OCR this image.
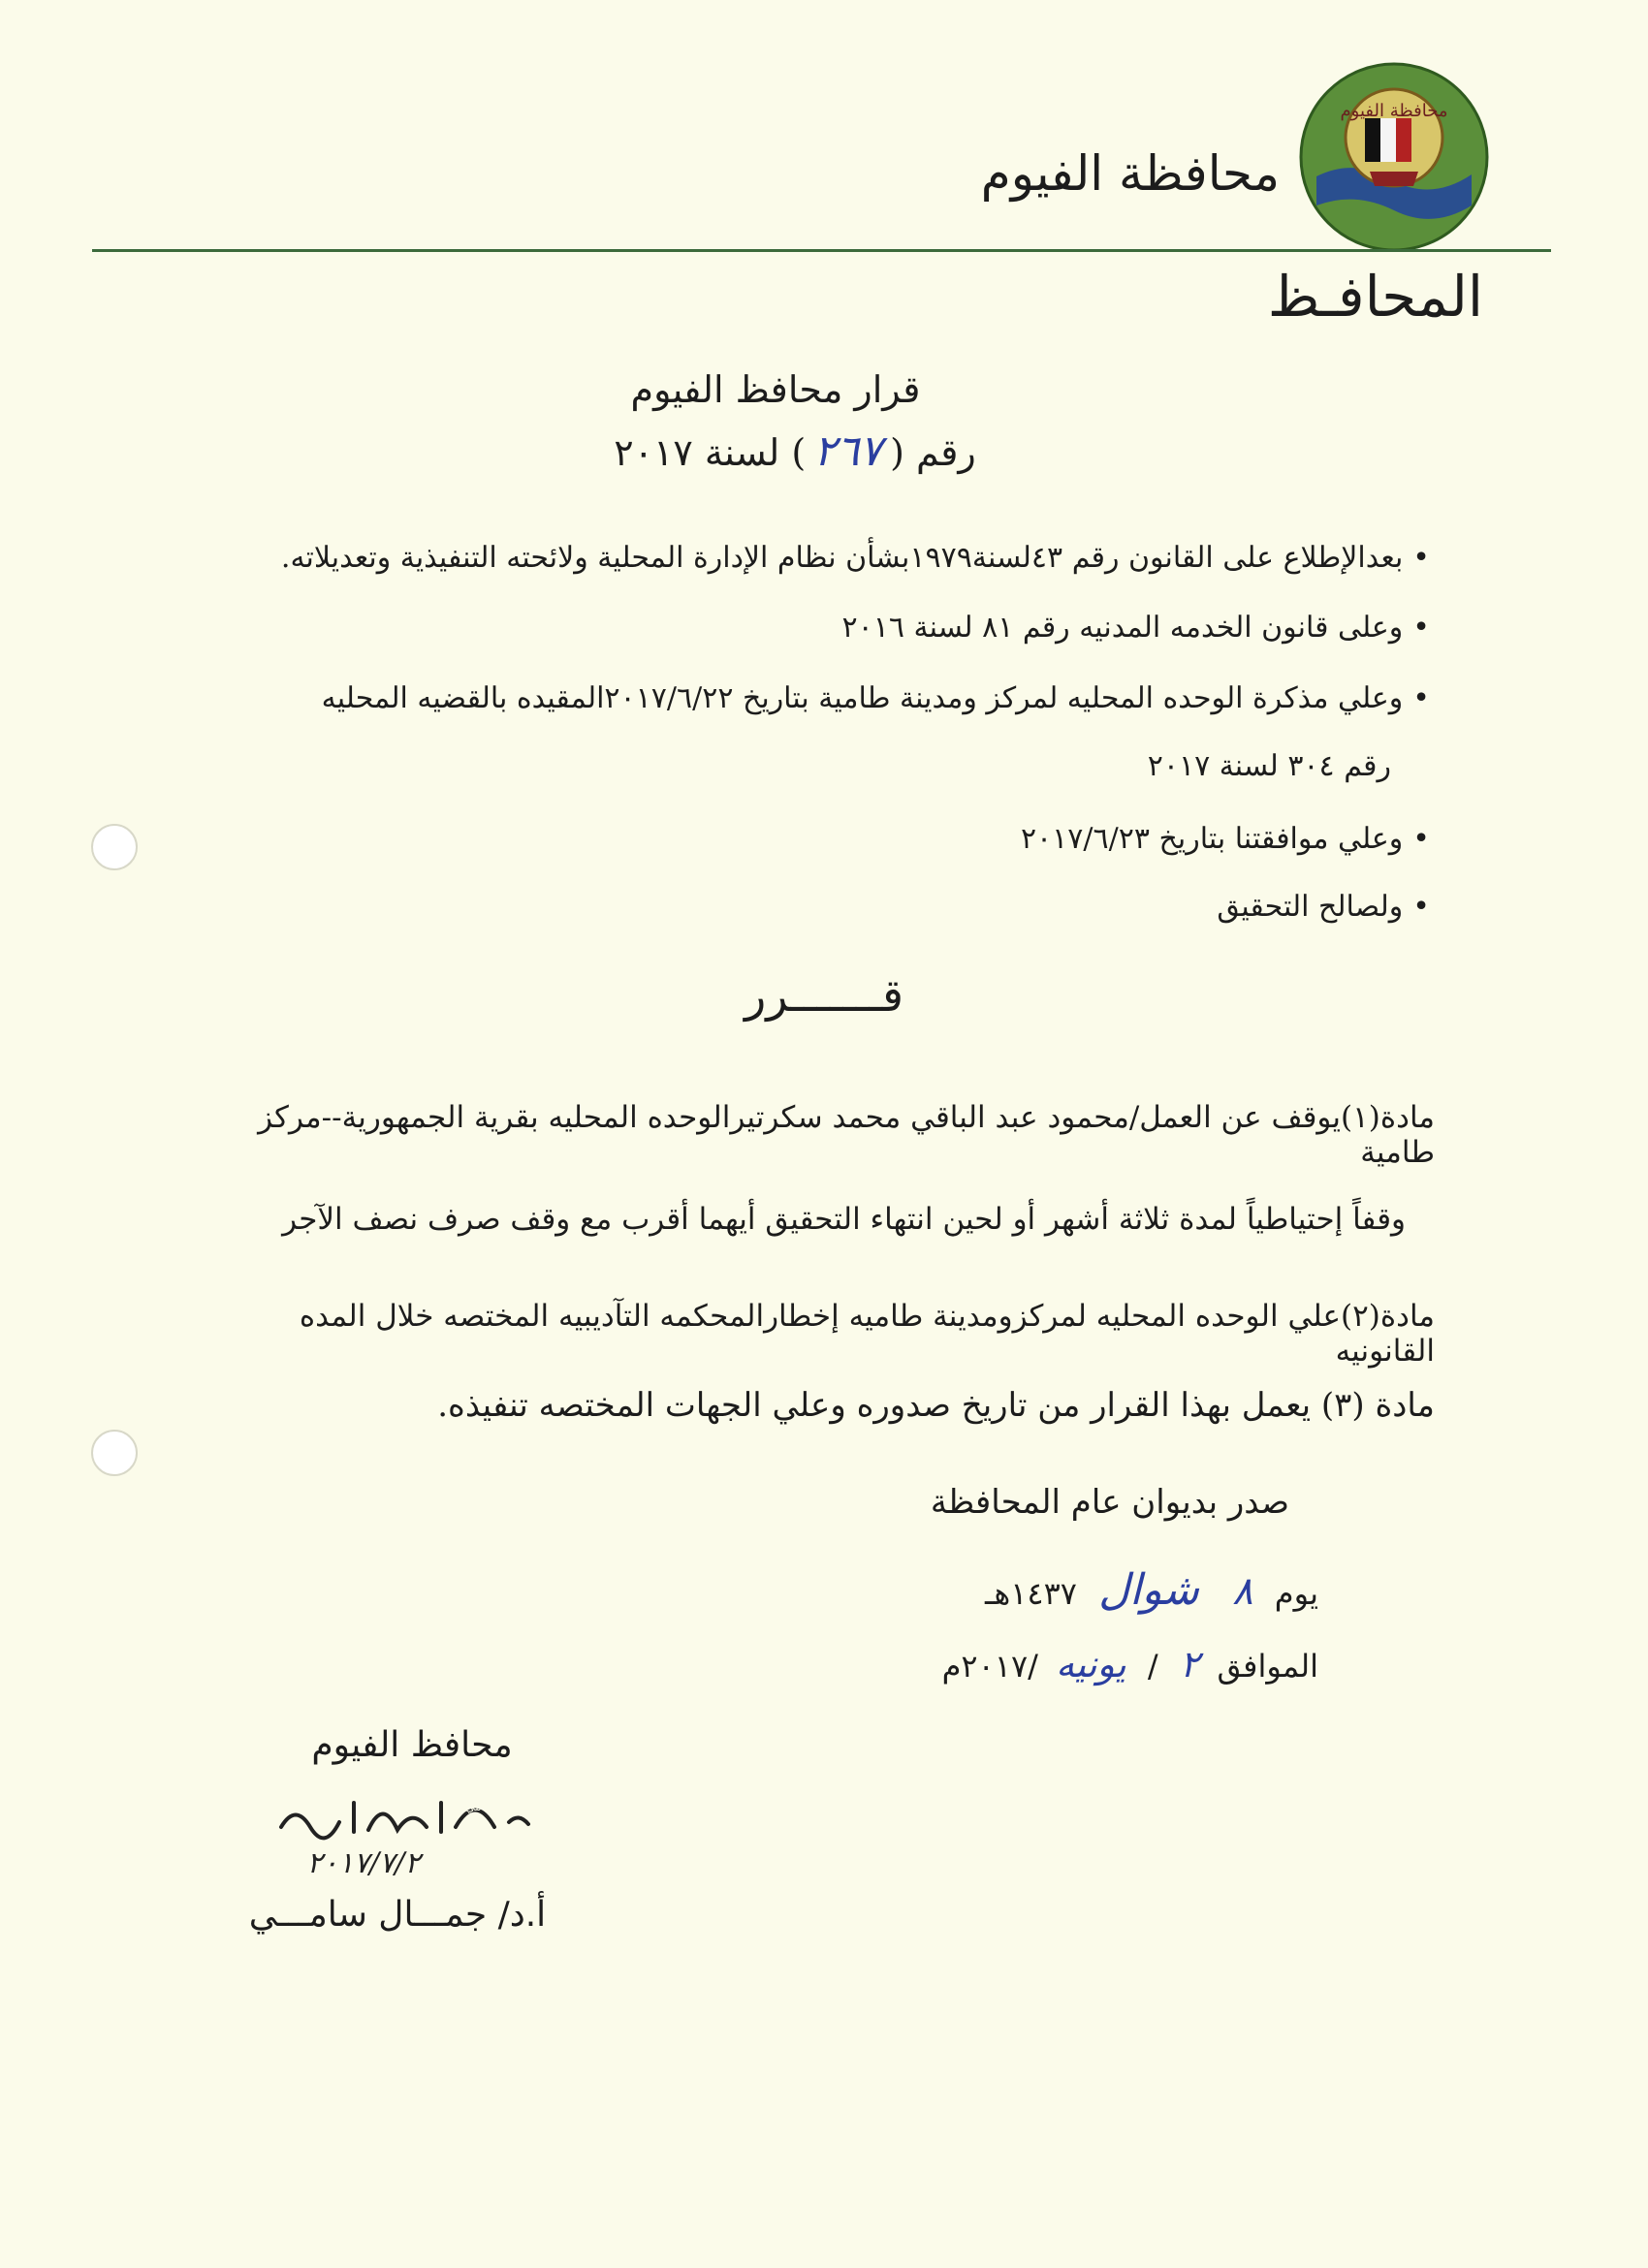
محافظة الفيوم
محافظة الفيوم
المحافـظ
قرار محافظ الفيوم
رقم (٢٦٧) لسنة ٢٠١٧
•بعدالإطلاع على القانون رقم ٤٣لسنة١٩٧٩بشأن نظام الإدارة المحلية ولائحته التنفيذية وتعديلاته.
•وعلى قانون الخدمه المدنيه رقم ٨١ لسنة ٢٠١٦
•وعلي مذكرة الوحده المحليه لمركز ومدينة طامية بتاريخ ٢٠١٧/٦/٢٢المقيده بالقضيه المحليه
رقم ٣٠٤ لسنة ٢٠١٧
•وعلي موافقتنا بتاريخ ٢٠١٧/٦/٢٣
•ولصالح التحقيق
قـــــــرر
مادة(١)يوقف عن العمل/محمود عبد الباقي محمد سكرتيرالوحده المحليه بقرية الجمهورية--مركز طامية
وقفاً إحتياطياً لمدة ثلاثة أشهر أو لحين انتهاء التحقيق أيهما أقرب مع وقف صرف نصف الآجر
مادة(٢)علي الوحده المحليه لمركزومدينة طاميه إخطارالمحكمه التآديبيه المختصه خلال المده القانونيه
مادة (٣) يعمل بهذا القرار من تاريخ صدوره وعلي الجهات المختصه تنفيذه.
صدر بديوان عام المحافظة
يوم ٨ شوال ١٤٣٧هـ
الموافق ٢ / يونيه /٢٠١٧م
محافظ الفيوم
د جمال سامي
٢٠١٧/٧/٢
أ.د/ جمـــال سامـــي
